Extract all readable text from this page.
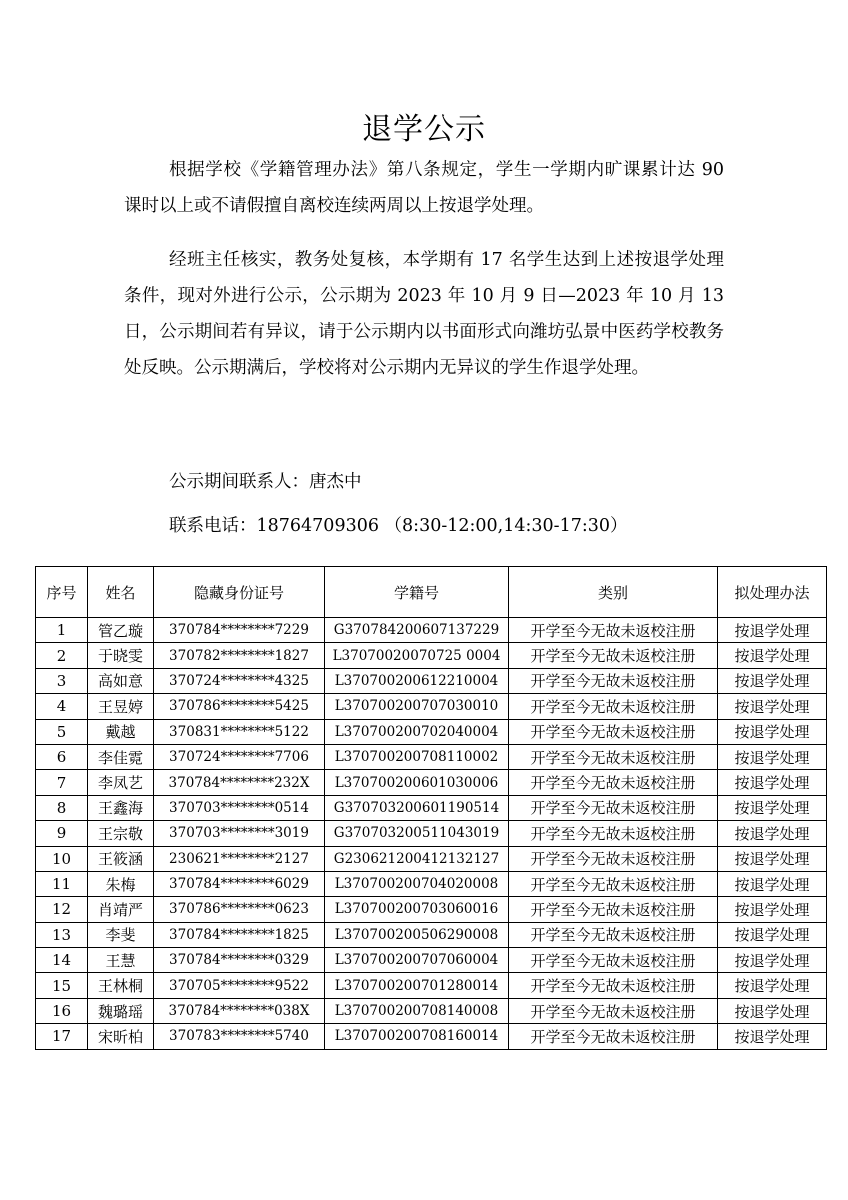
退学公示
根据学校《学籍管理办法》第八条规定，学生一学期内旷课累计达 90 课时以上或不请假擅自离校连续两周以上按退学处理。
经班主任核实，教务处复核，本学期有 17 名学生达到上述按退学处理条件，现对外进行公示，公示期为 2023 年 10 月 9 日—2023 年 10 月 13 日，公示期间若有异议，请于公示期内以书面形式向潍坊弘景中医药学校教务处反映。公示期满后，学校将对公示期内无异议的学生作退学处理。
公示期间联系人：唐杰中
联系电话：18764709306 （8:30-12:00,14:30-17:30）
序号	姓名	隐藏身份证号	学籍号	类别	拟处理办法
1	管乙璇	370784********7229	G370784200607137229	开学至今无故未返校注册	按退学处理
2	于晓雯	370782********1827	L37070020070725 0004	开学至今无故未返校注册	按退学处理
3	高如意	370724********4325	L370700200612210004	开学至今无故未返校注册	按退学处理
4	王昱婷	370786********5425	L370700200707030010	开学至今无故未返校注册	按退学处理
5	戴越	370831********5122	L370700200702040004	开学至今无故未返校注册	按退学处理
6	李佳霓	370724********7706	L370700200708110002	开学至今无故未返校注册	按退学处理
7	李凤艺	370784********232X	L370700200601030006	开学至今无故未返校注册	按退学处理
8	王鑫海	370703********0514	G370703200601190514	开学至今无故未返校注册	按退学处理
9	王宗敬	370703********3019	G370703200511043019	开学至今无故未返校注册	按退学处理
10	王筱涵	230621********2127	G230621200412132127	开学至今无故未返校注册	按退学处理
11	朱梅	370784********6029	L370700200704020008	开学至今无故未返校注册	按退学处理
12	肖靖严	370786********0623	L370700200703060016	开学至今无故未返校注册	按退学处理
13	李斐	370784********1825	L370700200506290008	开学至今无故未返校注册	按退学处理
14	王慧	370784********0329	L370700200707060004	开学至今无故未返校注册	按退学处理
15	王林桐	370705********9522	L370700200701280014	开学至今无故未返校注册	按退学处理
16	魏璐瑶	370784********038X	L370700200708140008	开学至今无故未返校注册	按退学处理
17	宋昕柏	370783********5740	L370700200708160014	开学至今无故未返校注册	按退学处理
